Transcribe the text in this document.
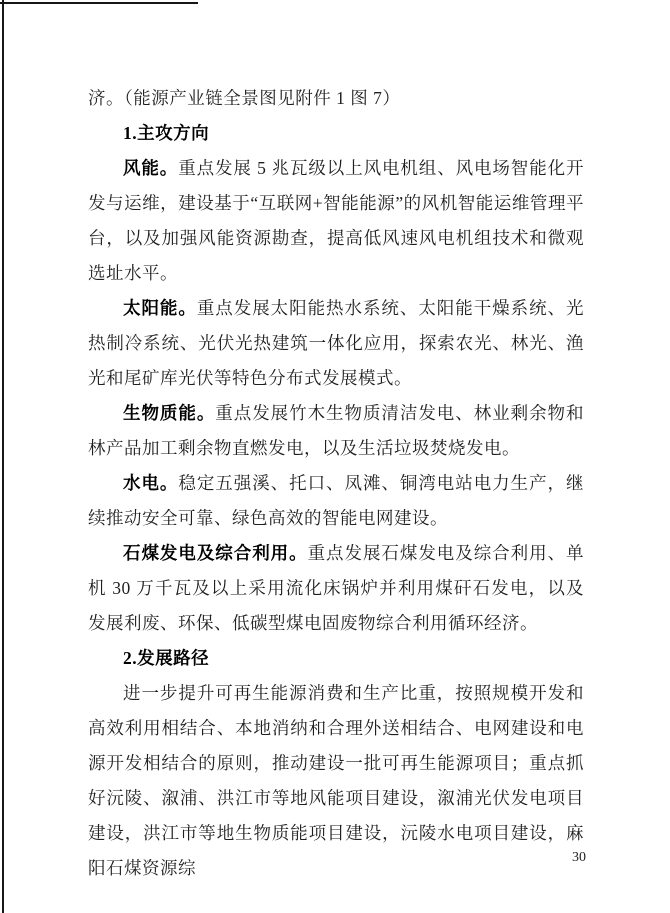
济。（能源产业链全景图见附件 1 图 7）

1.主攻方向

风能。重点发展 5 兆瓦级以上风电机组、风电场智能化开发与运维，建设基于“互联网+智能能源”的风机智能运维管理平台，以及加强风能资源勘查，提高低风速风电机组技术和微观选址水平。

太阳能。重点发展太阳能热水系统、太阳能干燥系统、光热制冷系统、光伏光热建筑一体化应用，探索农光、林光、渔光和尾矿库光伏等特色分布式发展模式。

生物质能。重点发展竹木生物质清洁发电、林业剩余物和林产品加工剩余物直燃发电，以及生活垃圾焚烧发电。

水电。稳定五强溪、托口、凤滩、铜湾电站电力生产，继续推动安全可靠、绿色高效的智能电网建设。

石煤发电及综合利用。重点发展石煤发电及综合利用、单机 30 万千瓦及以上采用流化床锅炉并利用煤矸石发电，以及发展利废、环保、低碳型煤电固废物综合利用循环经济。

2.发展路径

进一步提升可再生能源消费和生产比重，按照规模开发和高效利用相结合、本地消纳和合理外送相结合、电网建设和电源开发相结合的原则，推动建设一批可再生能源项目；重点抓好沅陵、溆浦、洪江市等地风能项目建设，溆浦光伏发电项目建设，洪江市等地生物质能项目建设，沅陵水电项目建设，麻阳石煤资源综

30
